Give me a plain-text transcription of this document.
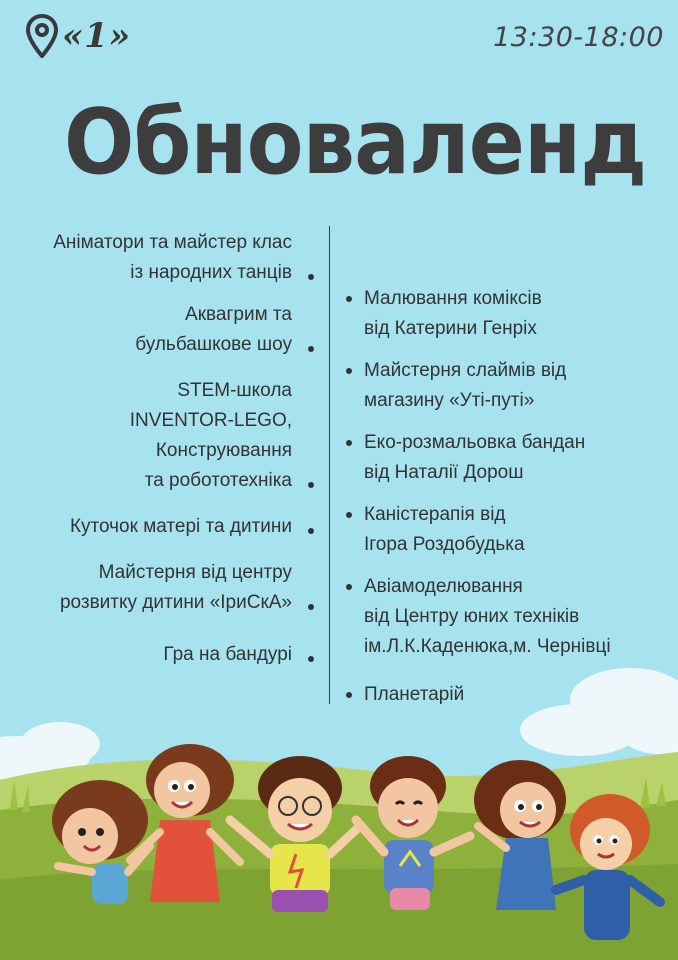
«1»	13:30-18:00
Обноваленд
Аніматори та майстер клас
із народних танців
Аквагрим та
бульбашкове шоу
STEM-школа
INVENTOR-LEGO,
Конструювання
та робототехніка
Куточок матері та дитини
Майстерня від центру
розвитку дитини «ІриСкА»
Гра на бандурі
Малювання коміксів
від Катерини Генріх
Майстерня слаймів від
магазину «Уті-путі»
Еко-розмальовка бандан
від Наталії Дорош
Каністерапія від
Ігора Роздобудька
Авіамоделювання
від Центру юних техніків
ім.Л.К.Каденюка,м. Чернівці
Планетарій
